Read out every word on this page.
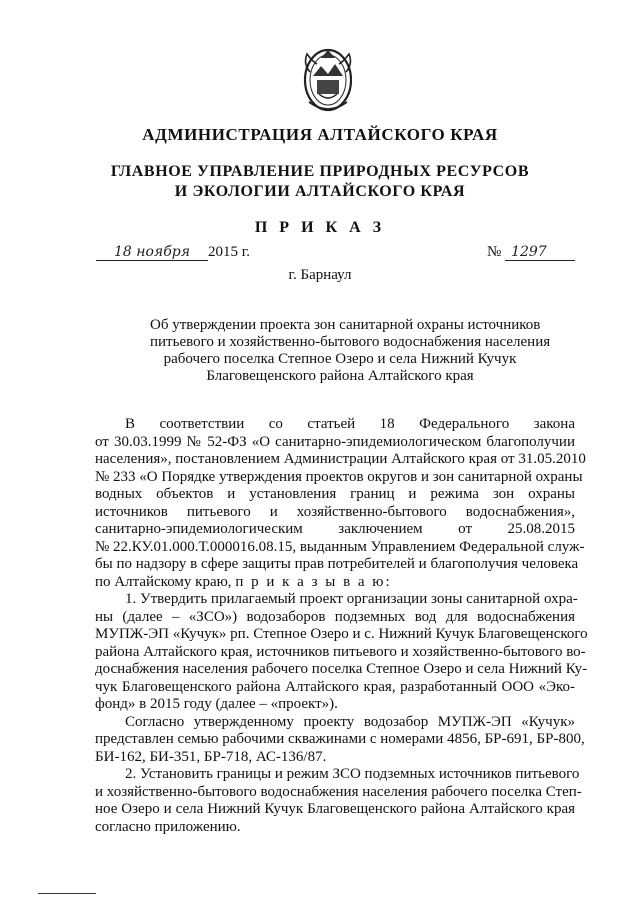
АДМИНИСТРАЦИЯ АЛТАЙСКОГО КРАЯ
ГЛАВНОЕ УПРАВЛЕНИЕ ПРИРОДНЫХ РЕСУРСОВ
И ЭКОЛОГИИ АЛТАЙСКОГО КРАЯ
П Р И К А З
18 ноября 2015 г.	№ 1297
г. Барнаул
Об утверждении проекта зон санитарной охраны источников
питьевого и хозяйственно-бытового водоснабжения населения
рабочего поселка Степное Озеро и села Нижний Кучук
Благовещенского района Алтайского края
В соответствии со статьей 18 Федерального закона
от 30.03.1999 № 52-ФЗ «О санитарно-эпидемиологическом благополучии
населения», постановлением Администрации Алтайского края от 31.05.2010
№ 233 «О Порядке утверждения проектов округов и зон санитарной охраны
водных объектов и установления границ и режима зон охраны
источников питьевого и хозяйственно-бытового водоснабжения»,
санитарно-эпидемиологическим заключением от 25.08.2015
№ 22.КУ.01.000.Т.000016.08.15, выданным Управлением Федеральной служ-
бы по надзору в сфере защиты прав потребителей и благополучия человека
по Алтайскому краю, п р и к а з ы в а ю:
1. Утвердить прилагаемый проект организации зоны санитарной охра-
ны (далее – «ЗСО») водозаборов подземных вод для водоснабжения
МУПЖ-ЭП «Кучук» рп. Степное Озеро и с. Нижний Кучук Благовещенского
района Алтайского края, источников питьевого и хозяйственно-бытового во-
доснабжения населения рабочего поселка Степное Озеро и села Нижний Ку-
чук Благовещенского района Алтайского края, разработанный ООО «Эко-
фонд» в 2015 году (далее – «проект»).
Согласно утвержденному проекту водозабор МУПЖ-ЭП «Кучук»
представлен семью рабочими скважинами с номерами 4856, БР-691, БР-800,
БИ-162, БИ-351, БР-718, АС-136/87.
2. Установить границы и режим ЗСО подземных источников питьевого
и хозяйственно-бытового водоснабжения населения рабочего поселка Степ-
ное Озеро и села Нижний Кучук Благовещенского района Алтайского края
согласно приложению.
